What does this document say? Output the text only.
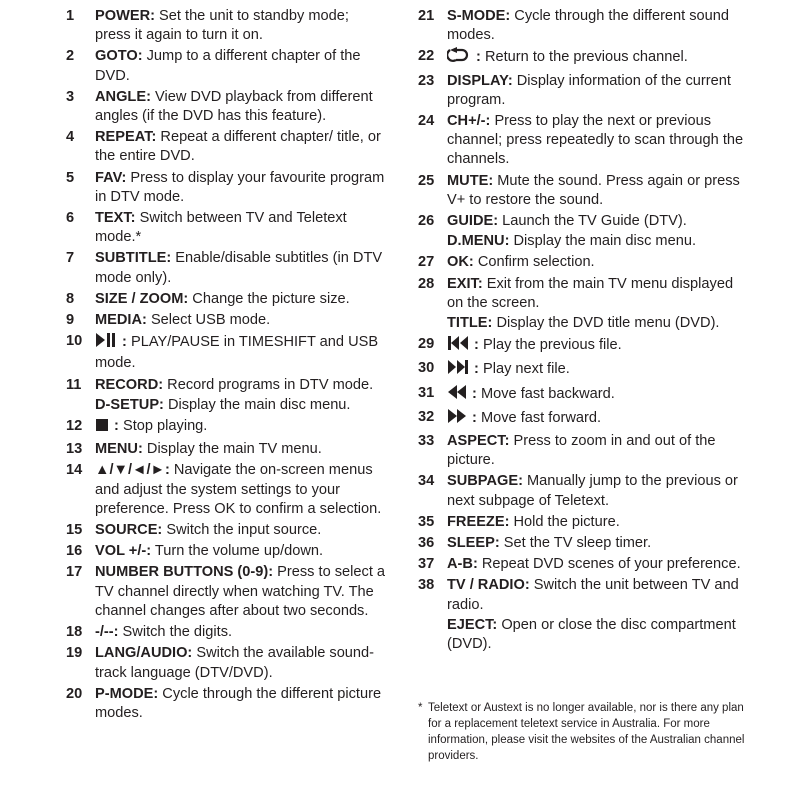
1	POWER: Set the unit to standby mode; press it again to turn it on.
2	GOTO: Jump to a different chapter of the DVD.
3	ANGLE: View DVD playback from different angles (if the DVD has this feature).
4	REPEAT: Repeat a different chapter/ title, or the entire DVD.
5	FAV: Press to display your favourite program in DTV mode.
6	TEXT: Switch between TV and Teletext mode.*
7	SUBTITLE: Enable/disable subtitles (in DTV mode only).
8	SIZE / ZOOM: Change the picture size.
9	MEDIA: Select USB mode.
10	: PLAY/PAUSE in TIMESHIFT and USB mode.
11 RECORD: Record programs in DTV mode.
D-SETUP: Display the main disc menu.
12	: Stop playing.
13 MENU: Display the main TV menu.
14 ▲/▼/◄/►: Navigate the on-screen menus and adjust the system settings to your preference. Press OK to confirm a selection.
15 SOURCE: Switch the input source.
16 VOL +/-: Turn the volume up/down.
17 NUMBER BUTTONS (0-9): Press to select a TV channel directly when watching TV. The channel changes after about two seconds.
18 -/--: Switch the digits.
19 LANG/AUDIO: Switch the available sound-track language (DTV/DVD).
20 P-MODE: Cycle through the different picture modes.
21 S-MODE: Cycle through the different sound modes.
22	: Return to the previous channel.
23 DISPLAY: Display information of the current program.
24 CH+/-: Press to play the next or previous channel; press repeatedly to scan through the channels.
25 MUTE: Mute the sound. Press again or press V+ to restore the sound.
26 GUIDE: Launch the TV Guide (DTV).
D.MENU: Display the main disc menu.
27 OK: Confirm selection.
28 EXIT: Exit from the main TV menu displayed on the screen.
TITLE: Display the DVD title menu (DVD).
29	: Play the previous file.
30	: Play next file.
31	: Move fast backward.
32	: Move fast forward.
33 ASPECT: Press to zoom in and out of the picture.
34 SUBPAGE: Manually jump to the previous or next subpage of Teletext.
35 FREEZE: Hold the picture.
36 SLEEP: Set the TV sleep timer.
37 A-B: Repeat DVD scenes of your preference.
38 TV / RADIO: Switch the unit between TV and radio.
EJECT: Open or close the disc compartment (DVD).
* Teletext or Austext is no longer available, nor is there any plan for a replacement teletext service in Australia. For more information, please visit the websites of the Australian channel providers.
